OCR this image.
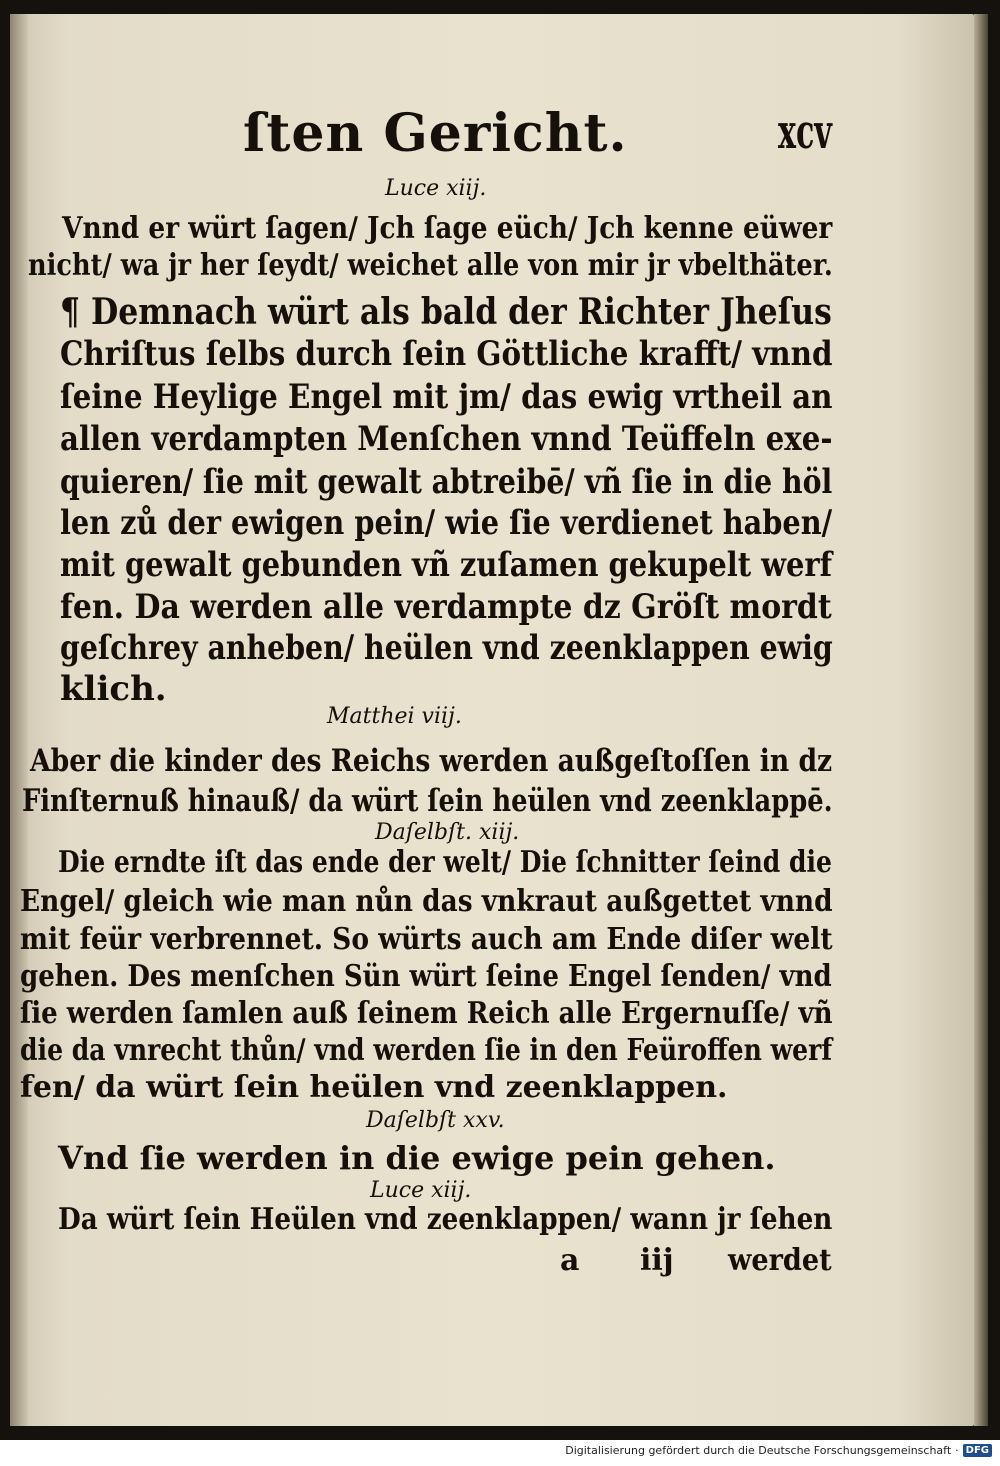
ſten Gericht.	xcv
Luce xiij.
Vnnd er würt ſagen/ Jch ſage eüch/ Jch kenne eüwer
nicht/ wa jr her ſeydt/ weichet alle von mir jr vbelthäter.
¶ Demnach würt als bald der Richter Jheſus
Chriſtus ſelbs durch ſein Göttliche krafft/ vnnd
ſeine Heylige Engel mit jm/ das ewig vrtheil an
allen verdampten Menſchen vnnd Teüffeln exe-
quieren/ ſie mit gewalt abtreibē/ vñ ſie in die höl
len zů der ewigen pein/ wie ſie verdienet haben/
mit gewalt gebunden vñ zuſamen gekupelt werf
fen. Da werden alle verdampte dz Gröſt mordt
geſchrey anheben/ heülen vnd zeenklappen ewig
klich.
Matthei viij.
Aber die kinder des Reichs werden außgeſtoſſen in dz
Finſternuß hinauß/ da würt ſein heülen vnd zeenklappē.
Daſelbſt. xiij.
Die erndte iſt das ende der welt/ Die ſchnitter ſeind die
Engel/ gleich wie man nůn das vnkraut außgettet vnnd
mit feür verbrennet. So würts auch am Ende diſer welt
gehen. Des menſchen Sün würt ſeine Engel ſenden/ vnd
ſie werden ſamlen auß ſeinem Reich alle Ergernuſſe/ vñ
die da vnrecht thůn/ vnd werden ſie in den Feüroffen werf
fen/ da würt ſein heülen vnd zeenklappen.
Daſelbſt xxv.
Vnd ſie werden in die ewige pein gehen.
Luce xiij.
Da würt ſein Heülen vnd zeenklappen/ wann jr ſehen
a iij werdet
Digitalisierung gefördert durch die Deutsche Forschungsgemeinschaft · DFG
